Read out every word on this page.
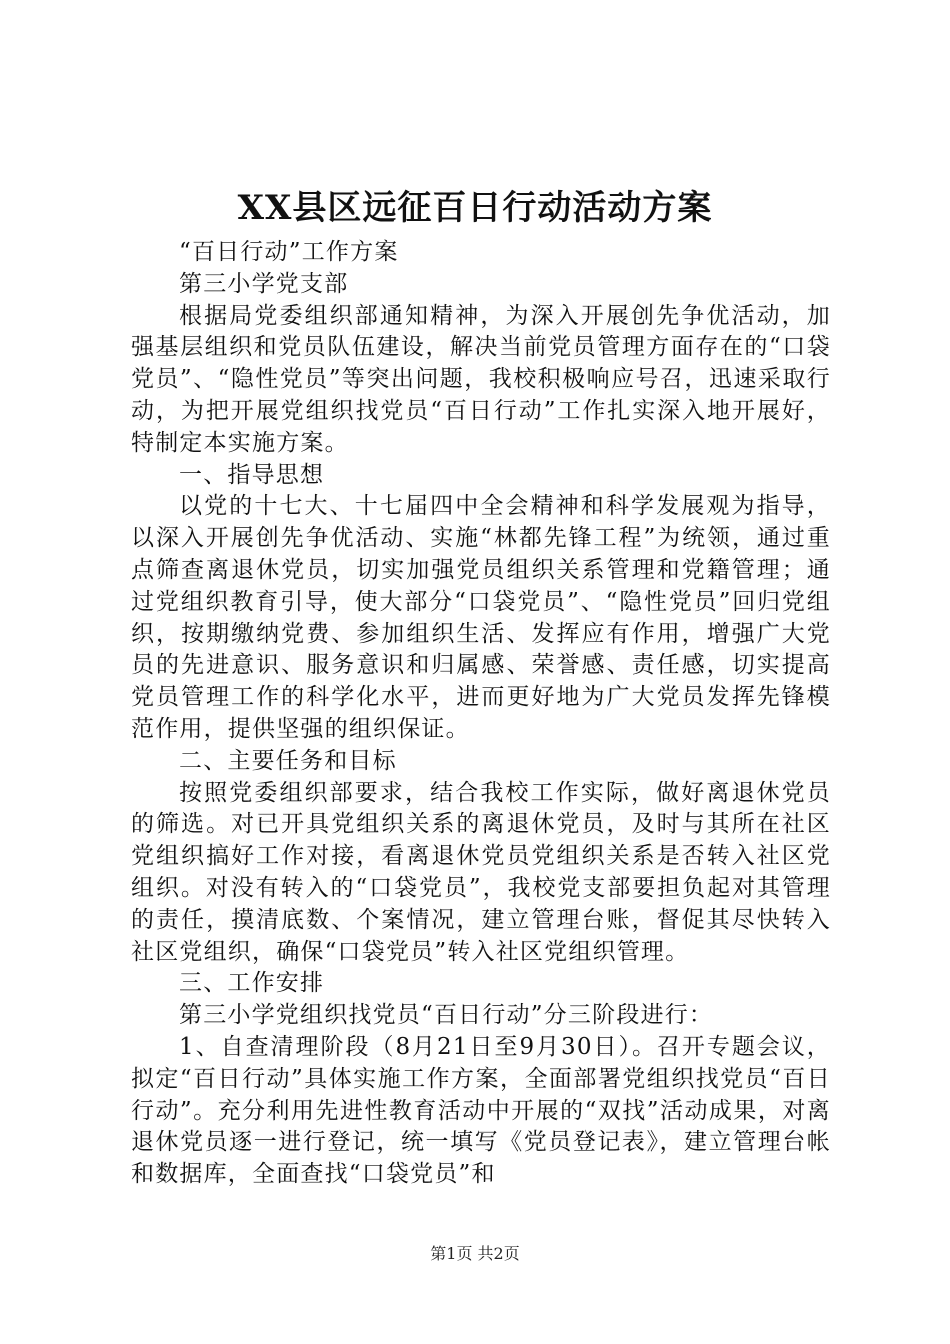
XX县区远征百日行动活动方案

“百日行动”工作方案

第三小学党支部

根据局党委组织部通知精神，为深入开展创先争优活动，加强基层组织和党员队伍建设，解决当前党员管理方面存在的“口袋党员”、“隐性党员”等突出问题，我校积极响应号召，迅速采取行动，为把开展党组织找党员“百日行动”工作扎实深入地开展好，特制定本实施方案。

一、指导思想

以党的十七大、十七届四中全会精神和科学发展观为指导，以深入开展创先争优活动、实施“林都先锋工程”为统领，通过重点筛查离退休党员，切实加强党员组织关系管理和党籍管理；通过党组织教育引导，使大部分“口袋党员”、“隐性党员”回归党组织，按期缴纳党费、参加组织生活、发挥应有作用，增强广大党员的先进意识、服务意识和归属感、荣誉感、责任感，切实提高党员管理工作的科学化水平，进而更好地为广大党员发挥先锋模范作用，提供坚强的组织保证。

二、主要任务和目标

按照党委组织部要求，结合我校工作实际，做好离退休党员的筛选。对已开具党组织关系的离退休党员，及时与其所在社区党组织搞好工作对接，看离退休党员党组织关系是否转入社区党组织。对没有转入的“口袋党员”，我校党支部要担负起对其管理的责任，摸清底数、个案情况，建立管理台账，督促其尽快转入社区党组织，确保“口袋党员”转入社区党组织管理。

三、工作安排

第三小学党组织找党员“百日行动”分三阶段进行：

1、自查清理阶段（8月21日至9月30日）。召开专题会议，拟定“百日行动”具体实施工作方案，全面部署党组织找党员“百日行动”。充分利用先进性教育活动中开展的“双找”活动成果，对离退休党员逐一进行登记，统一填写《党员登记表》，建立管理台帐和数据库，全面查找“口袋党员”和

第1页 共2页
